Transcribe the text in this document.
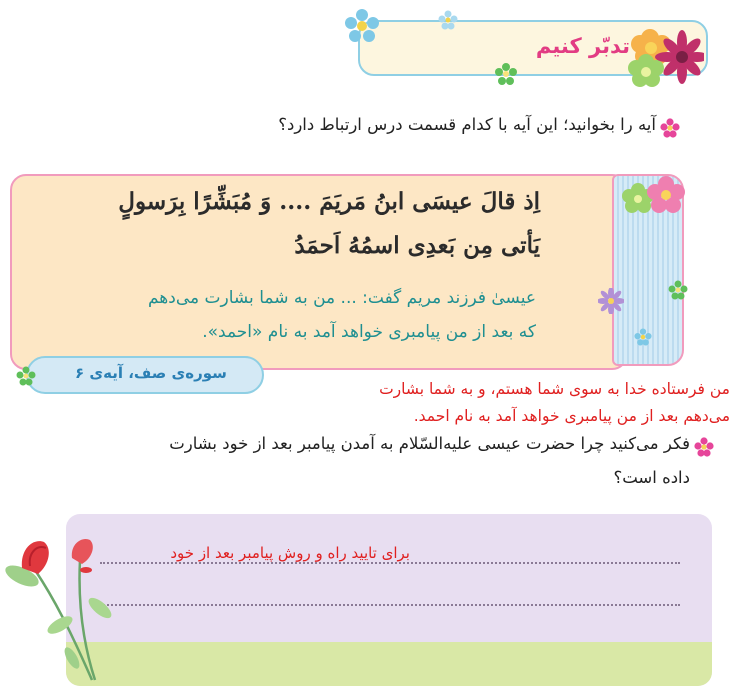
تدبّر کنیم
آیه را بخوانید؛ این آیه با کدام قسمت درس ارتباط دارد؟
اِذ قالَ عیسَی ابنُ مَریَمَ .... وَ مُبَشِّرًا بِرَسولٍ
یَأتی مِن بَعدِی اسمُهُ اَحمَدُ
عیسیٰ فرزند مریم گفت: ... من به شما بشارت می‌دهم
که بعد از من پیامبری خواهد آمد به نام «احمد».
سوره‌ی صف، آیه‌ی ۶
من فرستاده خدا به سوی شما هستم، و به شما بشارت
می‌دهم بعد از من پیامبری خواهد آمد به نام احمد.
فکر می‌کنید چرا حضرت عیسی علیه‌السّلام به آمدن پیامبر بعد از خود بشارت
داده است؟
برای تایید راه و روش پیامبر بعد از خود
